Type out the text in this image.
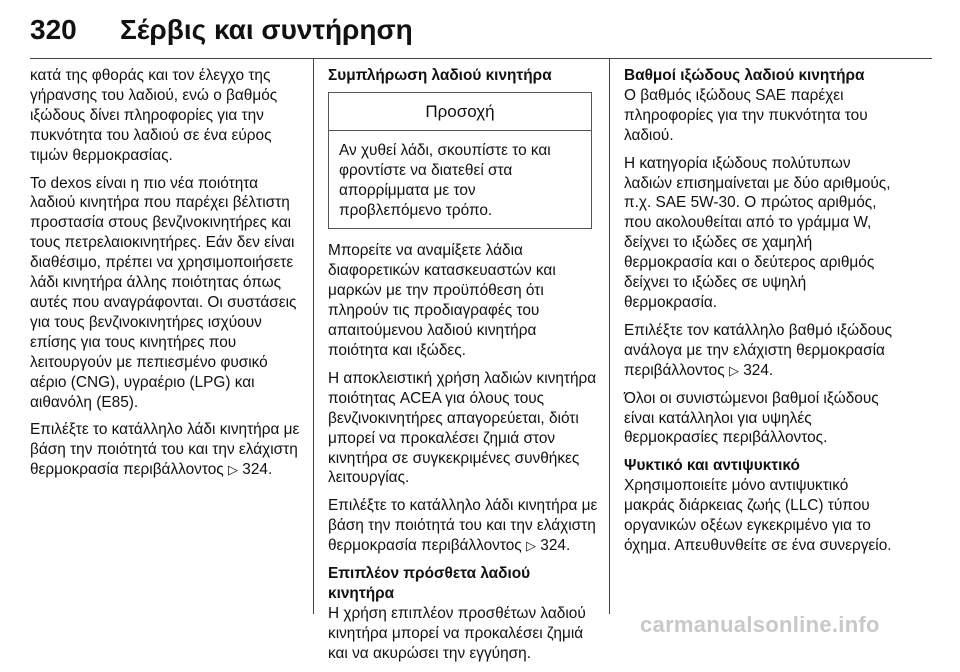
320 Σέρβις και συντήρηση

κατά της φθοράς και τον έλεγχο της γήρανσης του λαδιού, ενώ ο βαθμός ιξώδους δίνει πληροφορίες για την πυκνότητα του λαδιού σε ένα εύρος τιμών θερμοκρασίας.

Το dexos είναι η πιο νέα ποιότητα λαδιού κινητήρα που παρέχει βέλτιστη προστασία στους βενζινοκινητήρες και τους πετρελαιοκινητήρες. Εάν δεν είναι διαθέσιμο, πρέπει να χρησιμοποιήσετε λάδι κινητήρα άλλης ποιότητας όπως αυτές που αναγράφονται. Οι συστάσεις για τους βενζινοκινητήρες ισχύουν επίσης για τους κινητήρες που λειτουργούν με πεπιεσμένο φυσικό αέριο (CNG), υγραέριο (LPG) και αιθανόλη (E85).

Επιλέξτε το κατάλληλο λάδι κινητήρα με βάση την ποιότητά του και την ελάχιστη θερμοκρασία περιβάλλοντος ▷ 324.

Συμπλήρωση λαδιού κινητήρα
Προσοχή
Αν χυθεί λάδι, σκουπίστε το και φροντίστε να διατεθεί στα απορρίμματα με τον προβλεπόμενο τρόπο.

Μπορείτε να αναμίξετε λάδια διαφορετικών κατασκευαστών και μαρκών με την προϋπόθεση ότι πληρούν τις προδιαγραφές του απαιτούμενου λαδιού κινητήρα ποιότητα και ιξώδες.

Η αποκλειστική χρήση λαδιών κινητήρα ποιότητας ACEA για όλους τους βενζινοκινητήρες απαγορεύεται, διότι μπορεί να προκαλέσει ζημιά στον κινητήρα σε συγκεκριμένες συνθήκες λειτουργίας.

Επιλέξτε το κατάλληλο λάδι κινητήρα με βάση την ποιότητά του και την ελάχιστη θερμοκρασία περιβάλλοντος ▷ 324.

Επιπλέον πρόσθετα λαδιού κινητήρα

Η χρήση επιπλέον προσθέτων λαδιού κινητήρα μπορεί να προκαλέσει ζημιά και να ακυρώσει την εγγύηση.

Βαθμοί ιξώδους λαδιού κινητήρα

Ο βαθμός ιξώδους SAE παρέχει πληροφορίες για την πυκνότητα του λαδιού.

Η κατηγορία ιξώδους πολύτυπων λαδιών επισημαίνεται με δύο αριθμούς, π.χ. SAE 5W-30. Ο πρώτος αριθμός, που ακολουθείται από το γράμμα W, δείχνει το ιξώδες σε χαμηλή θερμοκρασία και ο δεύτερος αριθμός δείχνει το ιξώδες σε υψηλή θερμοκρασία.

Επιλέξτε τον κατάλληλο βαθμό ιξώδους ανάλογα με την ελάχιστη θερμοκρασία περιβάλλοντος ▷ 324.

Όλοι οι συνιστώμενοι βαθμοί ιξώδους είναι κατάλληλοι για υψηλές θερμοκρασίες περιβάλλοντος.

Ψυκτικό και αντιψυκτικό

Χρησιμοποιείτε μόνο αντιψυκτικό μακράς διάρκειας ζωής (LLC) τύπου οργανικών οξέων εγκεκριμένο για το όχημα. Απευθυνθείτε σε ένα συνεργείο.

carmanualsonline.info
